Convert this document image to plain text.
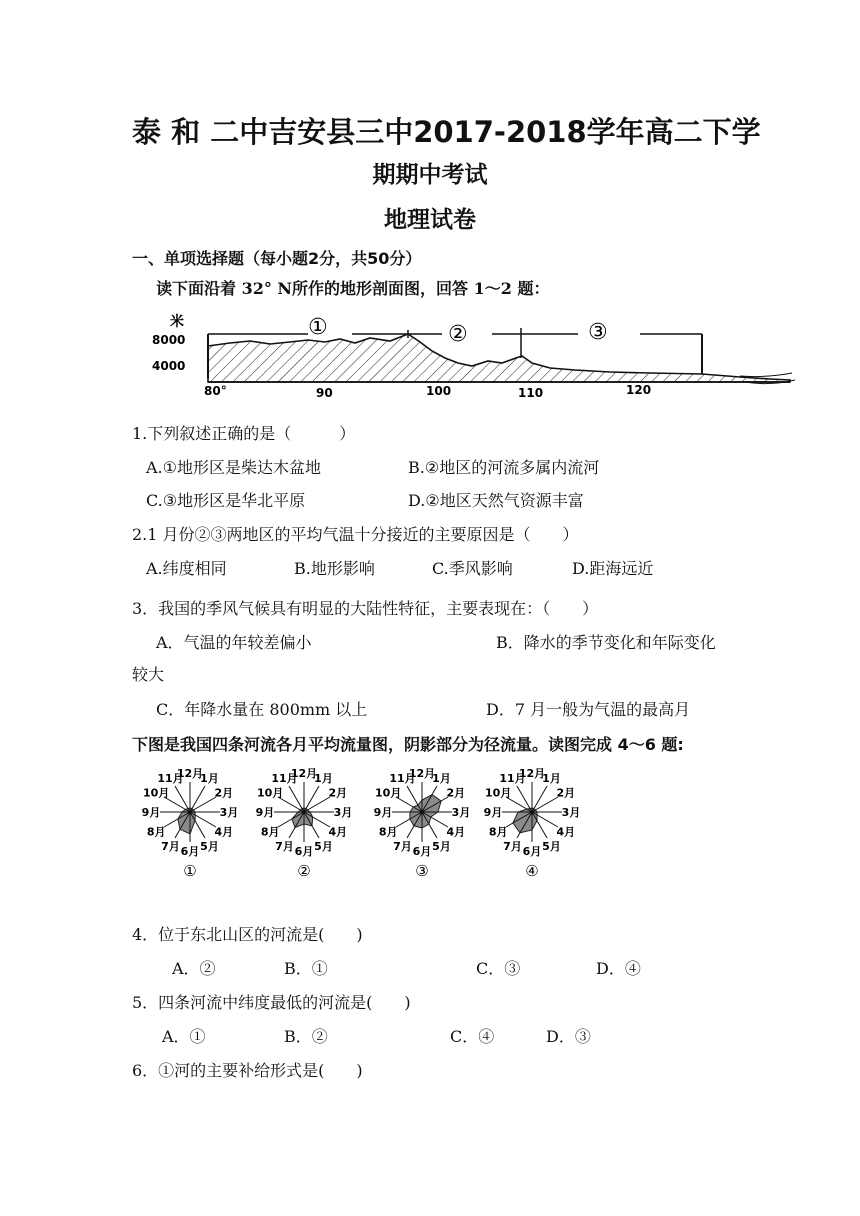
泰 和 二中吉安县三中2017-2018学年高二下学
期期中考试
地理试卷
一、单项选择题（每小题2分，共50分）
读下面沿着 32° N所作的地形剖面图，回答 1～2 题：
米
8000
4000
①	②	③
80°	90	100	110	120
1.下列叙述正确的是（　　　）
A.①地形区是柴达木盆地	B.②地区的河流多属内流河
C.③地形区是华北平原	D.②地区天然气资源丰富
2.1 月份②③两地区的平均气温十分接近的主要原因是（　　）
A.纬度相同	B.地形影响	C.季风影响	D.距海远近
3．我国的季风气候具有明显的大陆性特征，主要表现在：（　　）
A．气温的年较差偏小	B．降水的季节变化和年际变化
较大
C．年降水量在 800mm 以上	D．7 月一般为气温的最高月
下图是我国四条河流各月平均流量图，阴影部分为径流量。读图完成 4～6 题:
1月
2月
3月
4月
5月
6月
7月
8月
9月
10月
11月
12月
①
1月
2月
3月
4月
5月
6月
7月
8月
9月
10月
11月
12月
②
1月
2月
3月
4月
5月
6月
7月
8月
9月
10月
11月
12月
③
1月
2月
3月
4月
5月
6月
7月
8月
9月
10月
11月
12月
④
4．位于东北山区的河流是(　　)
A．②	B．①	C．③	D．④
5．四条河流中纬度最低的河流是(　　)
A．①	B．②	C．④	D．③
6．①河的主要补给形式是(　　)
